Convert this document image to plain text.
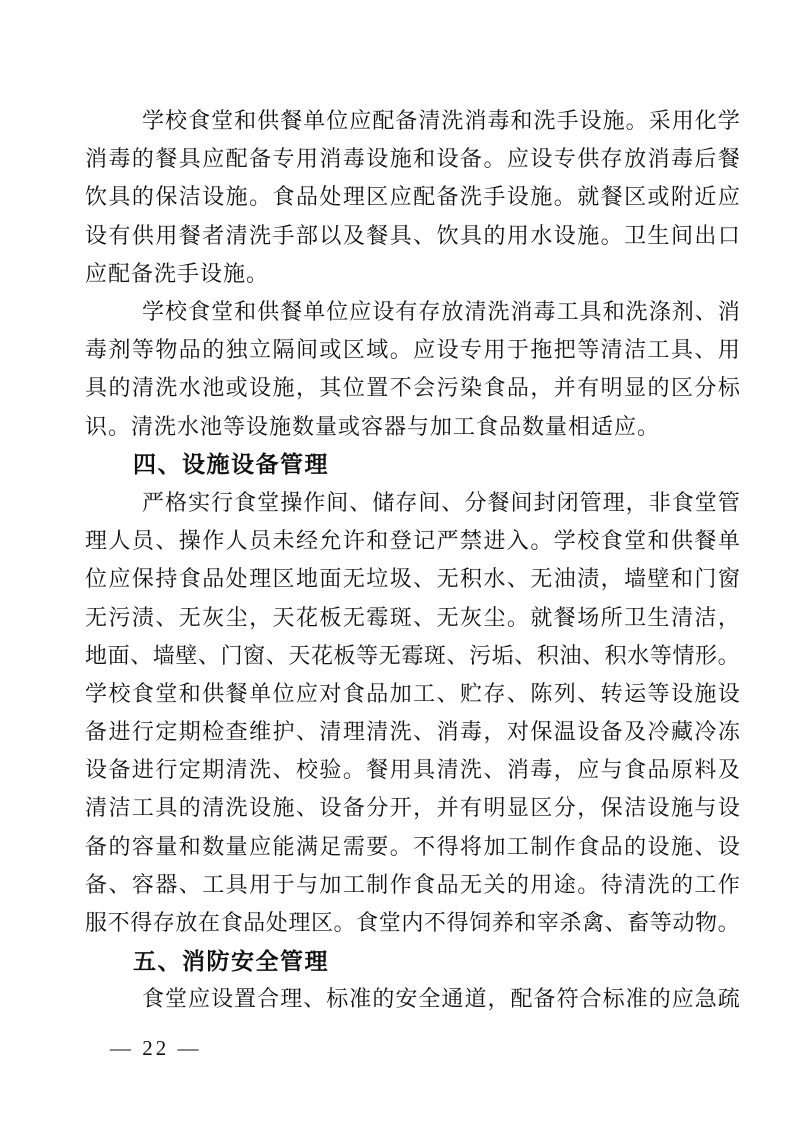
学 校 食 堂 和 供 餐 单 位 应 配 备 清 洗 消 毒 和 洗 手 设 施 。 采 用 化 学
消 毒 的 餐 具 应 配 备 专 用 消 毒 设 施 和 设 备 。 应 设 专 供 存 放 消 毒 后 餐
饮 具 的 保 洁 设 施 。 食 品 处 理 区 应 配 备 洗 手 设 施 。 就 餐 区 或 附 近 应
设 有 供 用 餐 者 清 洗 手 部 以 及 餐 具 、 饮 具 的 用 水 设 施 。 卫 生 间 出 口
应配备洗手设施。
学 校 食 堂 和 供 餐 单 位 应 设 有 存 放 清 洗 消 毒 工 具 和 洗 涤 剂 、 消
毒 剂 等 物 品 的 独 立 隔 间 或 区 域 。 应 设 专 用 于 拖 把 等 清 洁 工 具 、 用
具 的 清 洗 水 池 或 设 施 ， 其 位 置 不 会 污 染 食 品 ， 并 有 明 显 的 区 分 标
识。清洗水池等设施数量或容器与加工食品数量相适应。
四、设施设备管理
严 格 实 行 食 堂 操 作 间 、 储 存 间 、 分 餐 间 封 闭 管 理 ， 非 食 堂 管
理 人 员 、 操 作 人 员 未 经 允 许 和 登 记 严 禁 进 入 。 学 校 食 堂 和 供 餐 单
位 应 保 持 食 品 处 理 区 地 面 无 垃 圾 、 无 积 水 、 无 油 渍 ， 墙 壁 和 门 窗
无 污 渍 、 无 灰 尘 ， 天 花 板 无 霉 斑 、 无 灰 尘 。 就 餐 场 所 卫 生 清 洁 ，
地 面 、 墙 壁 、 门 窗 、 天 花 板 等 无 霉 斑 、 污 垢 、 积 油 、 积 水 等 情 形 。
学 校 食 堂 和 供 餐 单 位 应 对 食 品 加 工 、 贮 存 、 陈 列 、 转 运 等 设 施 设
备 进 行 定 期 检 查 维 护 、 清 理 清 洗 、 消 毒 ， 对 保 温 设 备 及 冷 藏 冷 冻
设 备 进 行 定 期 清 洗 、 校 验 。 餐 用 具 清 洗 、 消 毒 ， 应 与 食 品 原 料 及
清 洁 工 具 的 清 洗 设 施 、 设 备 分 开 ， 并 有 明 显 区 分 ， 保 洁 设 施 与 设
备 的 容 量 和 数 量 应 能 满 足 需 要 。 不 得 将 加 工 制 作 食 品 的 设 施 、 设
备 、 容 器 、 工 具 用 于 与 加 工 制 作 食 品 无 关 的 用 途 。 待 清 洗 的 工 作
服 不 得 存 放 在 食 品 处 理 区 。 食 堂 内 不 得 饲 养 和 宰 杀 禽 、 畜 等 动 物 。
五、消防安全管理
食 堂 应 设 置 合 理 、 标 准 的 安 全 通 道 ， 配 备 符 合 标 准 的 应 急 疏
— 22 —
